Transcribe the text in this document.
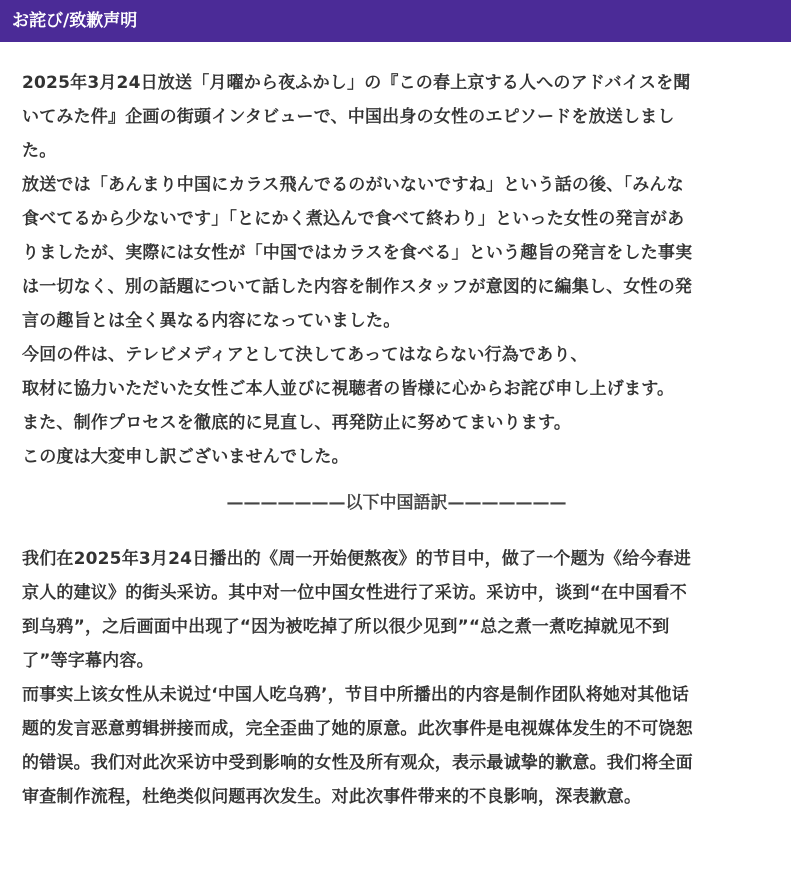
お詫び/致歉声明

2025年3月24日放送「月曜から夜ふかし」の『この春上京する人へのアドバイスを聞

いてみた件』企画の街頭インタビューで、中国出身の女性のエピソードを放送しまし

た。

放送では「あんまり中国にカラス飛んでるのがいないですね」という話の後、「みんな

食べてるから少ないです」「とにかく煮込んで食べて終わり」といった女性の発言があ

りましたが、実際には女性が「中国ではカラスを食べる」という趣旨の発言をした事実

は一切なく、別の話題について話した内容を制作スタッフが意図的に編集し、女性の発

言の趣旨とは全く異なる内容になっていました。

今回の件は、テレビメディアとして決してあってはならない行為であり、

取材に協力いただいた女性ご本人並びに視聴者の皆様に心からお詫び申し上げます。

また、制作プロセスを徹底的に見直し、再発防止に努めてまいります。

この度は大変申し訳ございませんでした。

———————以下中国語訳———————

我们在2025年3月24日播出的《周一开始便熬夜》的节目中，做了一个题为《给今春进

京人的建议》的街头采访。其中对一位中国女性进行了采访。采访中，谈到“在中国看不

到乌鸦”，之后画面中出现了“因为被吃掉了所以很少见到”“总之煮一煮吃掉就见不到

了”等字幕内容。

而事实上该女性从未说过‘中国人吃乌鸦’，节目中所播出的内容是制作团队将她对其他话

题的发言恶意剪辑拼接而成，完全歪曲了她的原意。此次事件是电视媒体发生的不可饶恕

的错误。我们对此次采访中受到影响的女性及所有观众，表示最诚挚的歉意。我们将全面

审查制作流程，杜绝类似问题再次发生。对此次事件带来的不良影响，深表歉意。
